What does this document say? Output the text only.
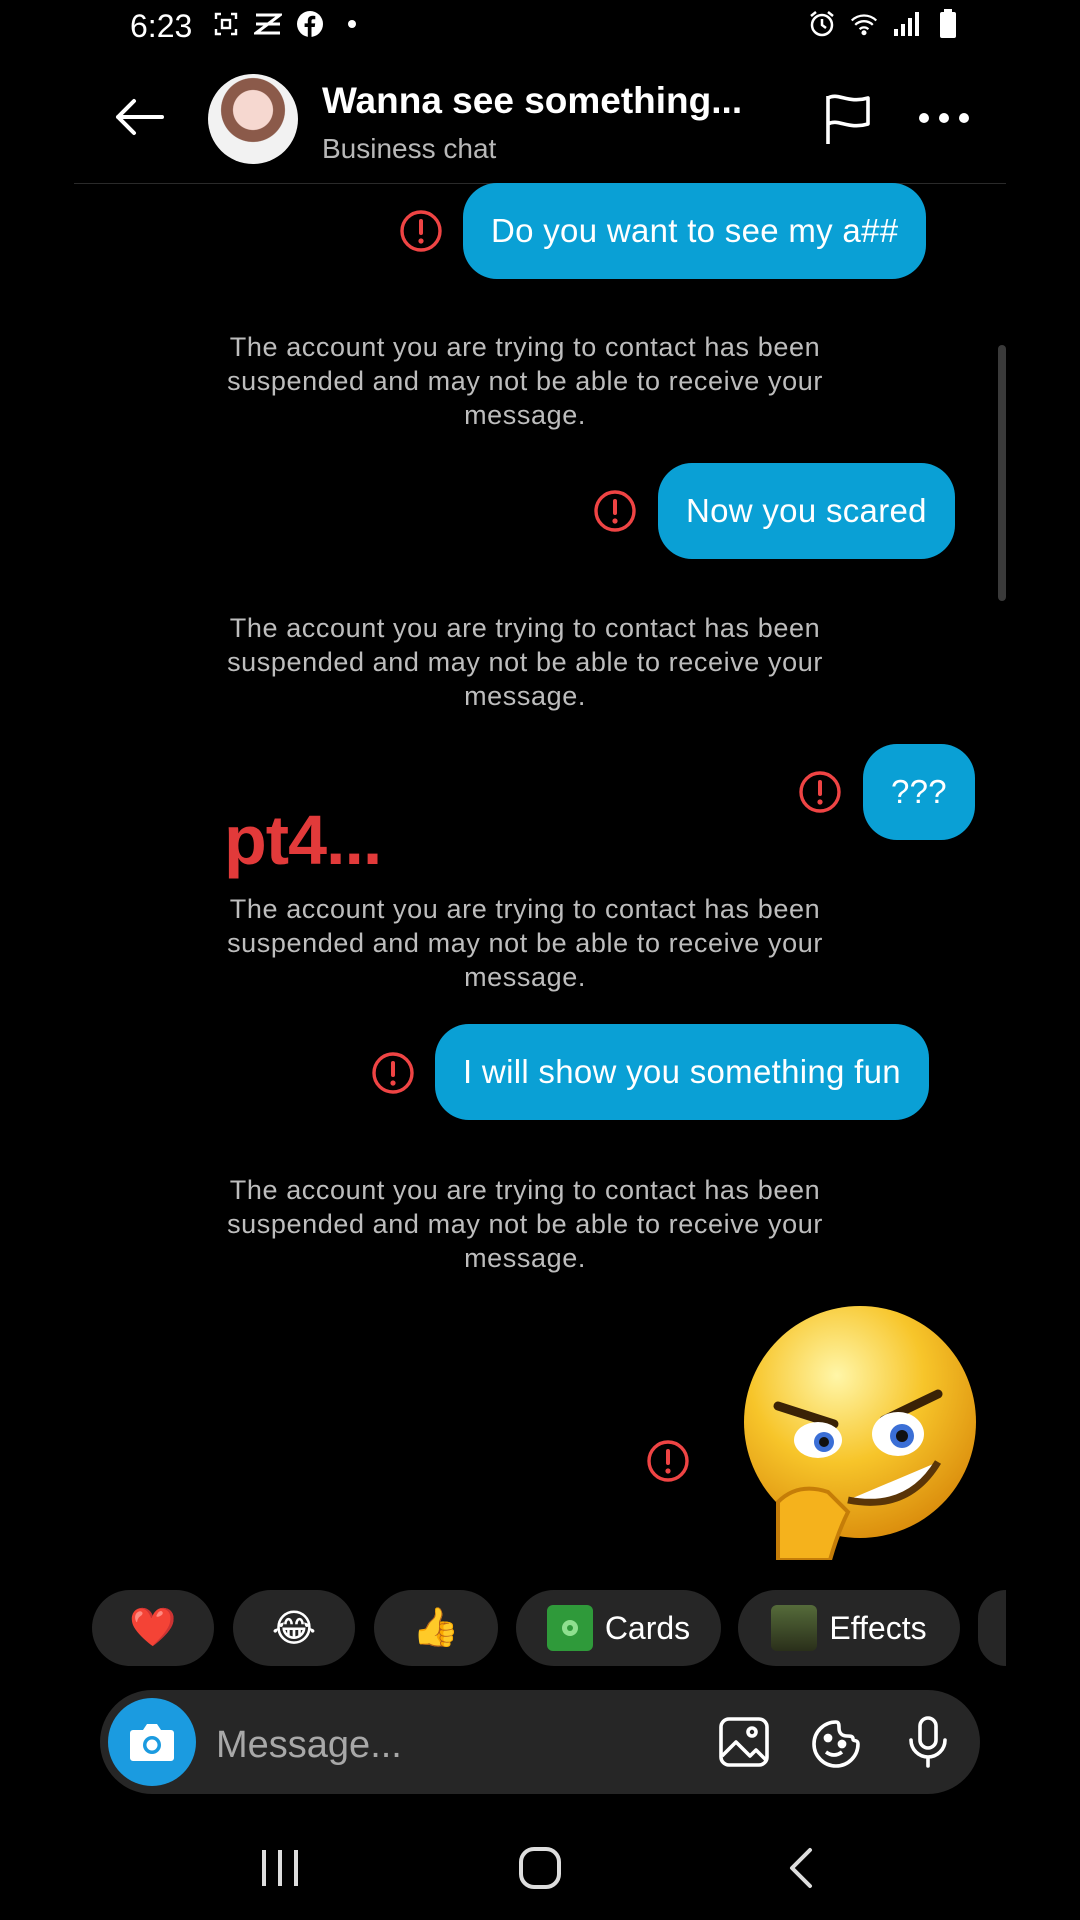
6:23
Wanna see something...
Business chat
Do you want to see my a##
The account you are trying to contact has been
suspended and may not be able to receive your
message.
Now you scared
The account you are trying to contact has been
suspended and may not be able to receive your
message.
???
pt4...
The account you are trying to contact has been
suspended and may not be able to receive your
message.
I will show you something fun
The account you are trying to contact has been
suspended and may not be able to receive your
message.
❤️	😂	👍	Cards	Effects
Message...
